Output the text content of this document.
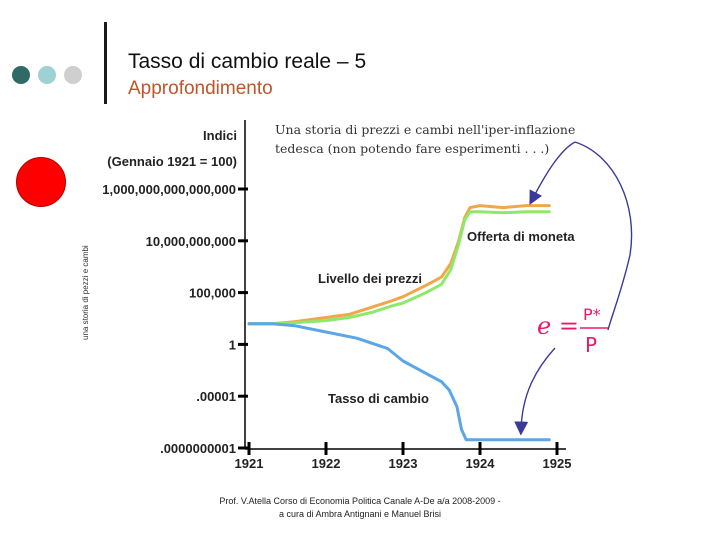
Tasso di cambio reale – 5
Approfondimento
Indici
(Gennaio 1921 = 100)
una storia di pezzi e cambi
Una storia di prezzi e cambi nell'iper-inflazione
tedesca (non potendo fare esperimenti . . .)
1,000,000,000,000,000
10,000,000,000
100,000
1
.00001
.0000000001
1921	1922	1923	1924	1925
Offerta di moneta
Livello dei prezzi
Tasso di cambio
e = P*
P
Prof. V.Atella Corso di Economia Politica Canale A-De a/a 2008-2009 -
a cura di Ambra Antignani e Manuel Brisi
